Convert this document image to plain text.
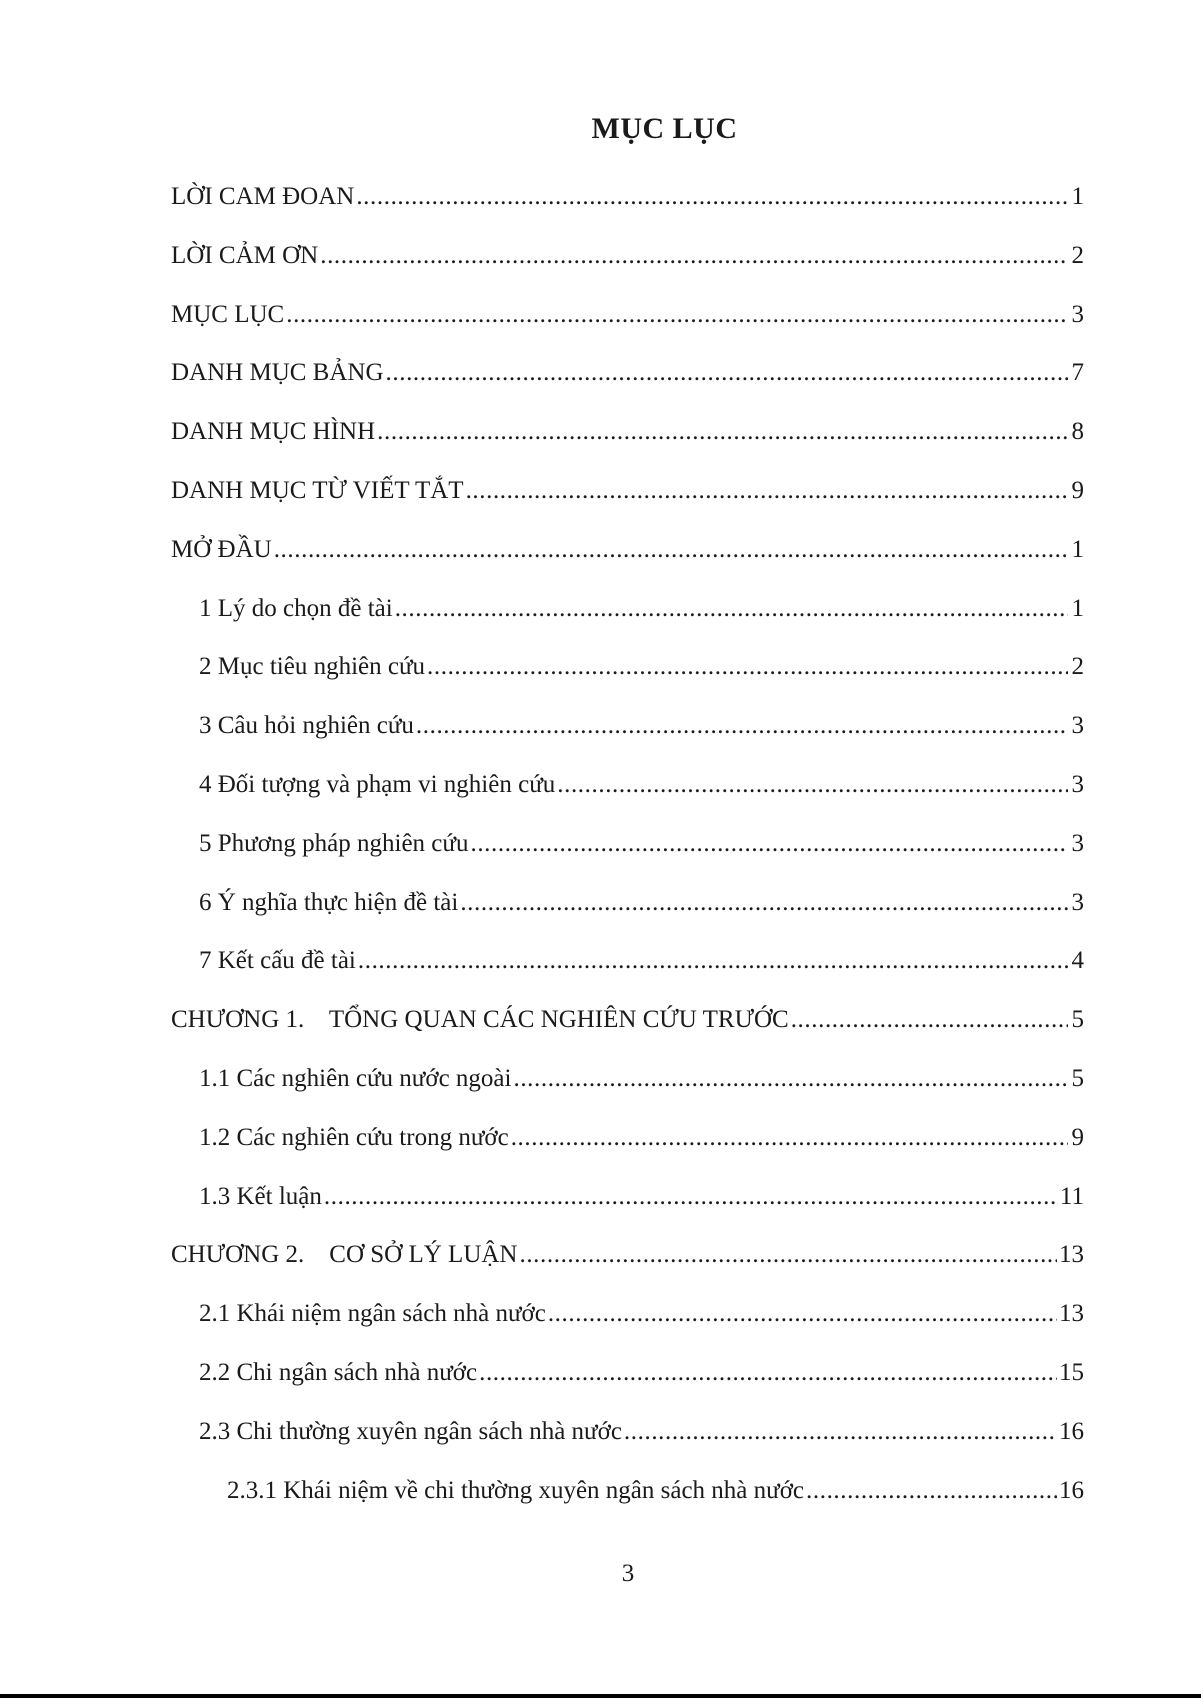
MỤC LỤC
LỜI CAM ĐOAN .....	1
LỜI CẢM ƠN .....	2
MỤC LỤC .....	3
DANH MỤC BẢNG .....	7
DANH MỤC HÌNH .....	8
DANH MỤC TỪ VIẾT TẮT .....	9
MỞ ĐẦU .....	1
1 Lý do chọn đề tài .....	1
2 Mục tiêu nghiên cứu .....	2
3 Câu hỏi nghiên cứu .....	3
4 Đối tượng và phạm vi nghiên cứu .....	3
5 Phương pháp nghiên cứu .....	3
6 Ý nghĩa thực hiện đề tài .....	3
7 Kết cấu đề tài .....	4
CHƯƠNG 1.    TỔNG QUAN CÁC NGHIÊN CỨU TRƯỚC .....	5
1.1 Các nghiên cứu nước ngoài .....	5
1.2 Các nghiên cứu trong nước .....	9
1.3 Kết luận .....	11
CHƯƠNG 2.    CƠ SỞ LÝ LUẬN .....	13
2.1 Khái niệm ngân sách nhà nước .....	13
2.2 Chi ngân sách nhà nước .....	15
2.3 Chi thường xuyên ngân sách nhà nước .....	16
2.3.1 Khái niệm về chi thường xuyên ngân sách nhà nước .....	16
3
